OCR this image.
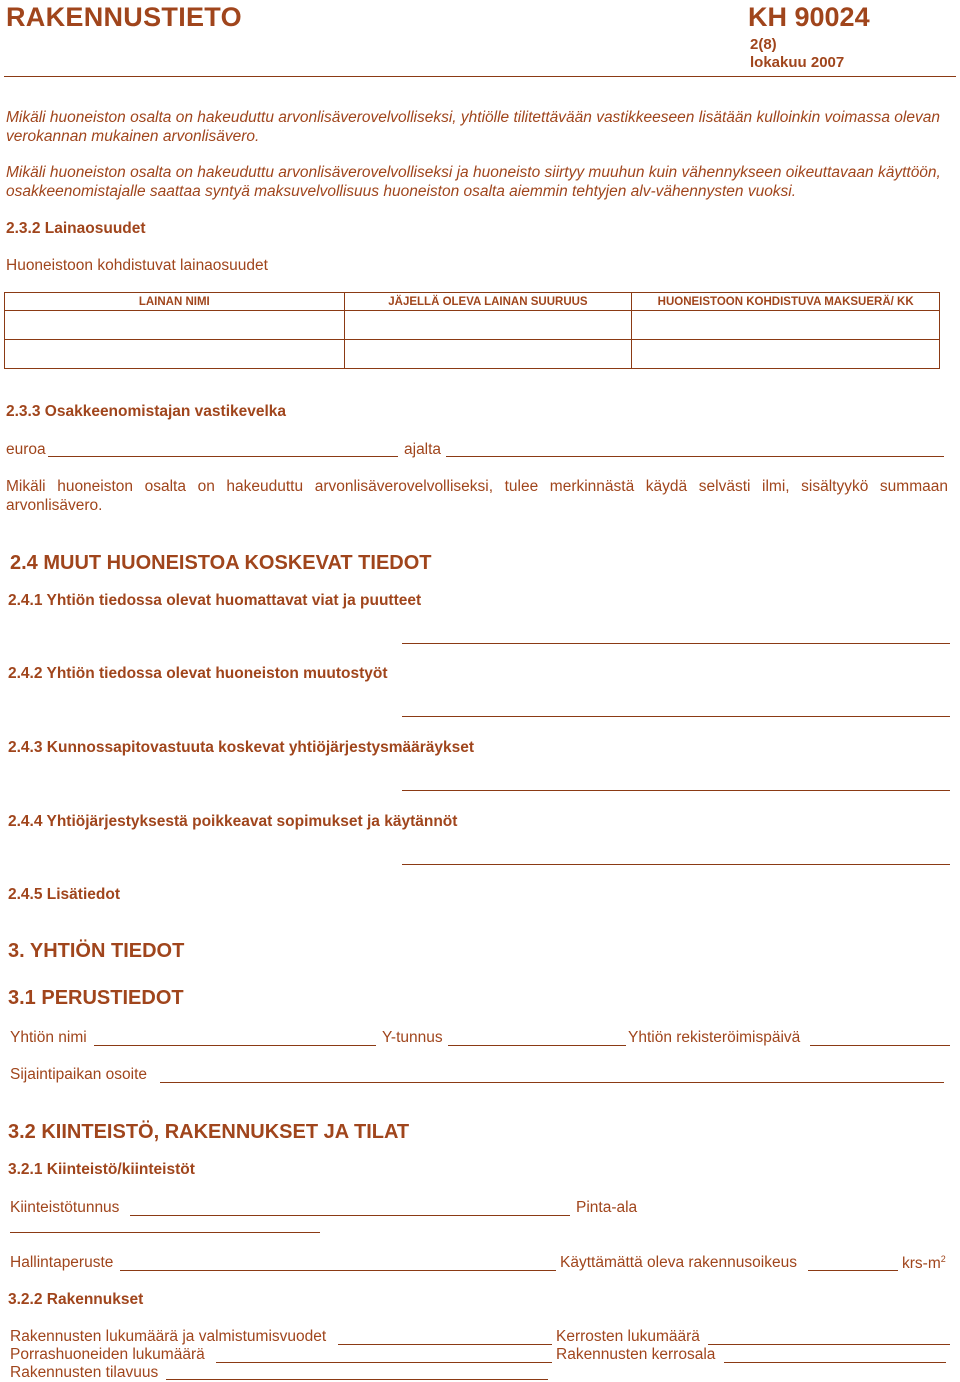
RAKENNUSTIETO	KH 90024
2(8)
lokakuu 2007
Mikäli huoneiston osalta on hakeuduttu arvonlisäverovelvolliseksi, yhtiölle tilitettävään vastikkeeseen lisätään kulloinkin voimassa olevan verokannan mukainen arvonlisävero.
Mikäli huoneiston osalta on hakeuduttu arvonlisäverovelvolliseksi ja huoneisto siirtyy muuhun kuin vähennykseen oikeuttavaan käyttöön, osakkeenomistajalle saattaa syntyä maksuvelvollisuus huoneiston osalta aiemmin tehtyjen alv-vähennysten vuoksi.
2.3.2 Lainaosuudet
Huoneistoon kohdistuvat lainaosuudet
LAINAN NIMI	JÄJELLÄ OLEVA LAINAN SUURUUS	HUONEISTOON KOHDISTUVA MAKSUERÄ/ KK

2.3.3 Osakkeenomistajan vastikevelka
euroa	ajalta
Mikäli huoneiston osalta on hakeuduttu arvonlisäverovelvolliseksi, tulee merkinnästä käydä selvästi ilmi, sisältyykö summaan arvonlisävero.
2.4 MUUT HUONEISTOA KOSKEVAT TIEDOT
2.4.1 Yhtiön tiedossa olevat huomattavat viat ja puutteet
2.4.2 Yhtiön tiedossa olevat huoneiston muutostyöt
2.4.3 Kunnossapitovastuuta koskevat yhtiöjärjestysmääräykset
2.4.4 Yhtiöjärjestyksestä poikkeavat sopimukset ja käytännöt
2.4.5 Lisätiedot
3. YHTIÖN TIEDOT
3.1 PERUSTIEDOT
Yhtiön nimi	Y-tunnus	Yhtiön rekisteröimispäivä
Sijaintipaikan osoite
3.2 KIINTEISTÖ, RAKENNUKSET JA TILAT
3.2.1 Kiinteistö/kiinteistöt
Kiinteistötunnus	Pinta-ala
Hallintaperuste	Käyttämättä oleva rakennusoikeus	krs-$m^2$
3.2.2 Rakennukset
Rakennusten lukumäärä ja valmistumisvuodet	Kerrosten lukumäärä
Porrashuoneiden lukumäärä	Rakennusten kerrosala
Rakennusten tilavuus
